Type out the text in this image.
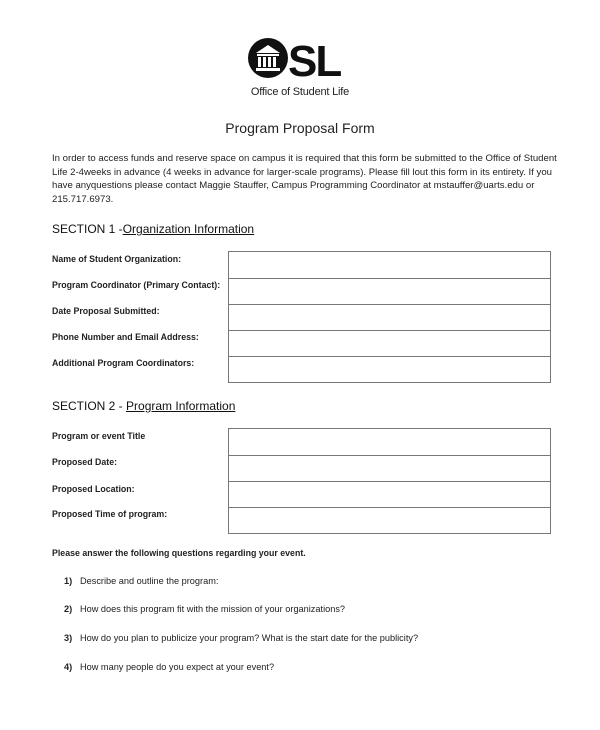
SL
Office of Student Life
Program Proposal Form
In order to access funds and reserve space on campus it is required that this form be submitted to the Office of Student Life 2-4weeks in advance (4 weeks in advance for larger-scale programs). Please fill lout this form in its entirety. If you have anyquestions please contact Maggie Stauffer, Campus Programming Coordinator at mstauffer@uarts.edu or 215.717.6973.
SECTION 1 -Organization Information
Name of Student Organization:
Program Coordinator (Primary Contact):
Date Proposal Submitted:
Phone Number and Email Address:
Additional Program Coordinators:
SECTION 2 - Program Information
Program or event Title
Proposed Date:
Proposed Location:
Proposed Time of program:
Please answer the following questions regarding your event.
1) Describe and outline the program:
2) How does this program fit with the mission of your organizations?
3) How do you plan to publicize your program? What is the start date for the publicity?
4) How many people do you expect at your event?
